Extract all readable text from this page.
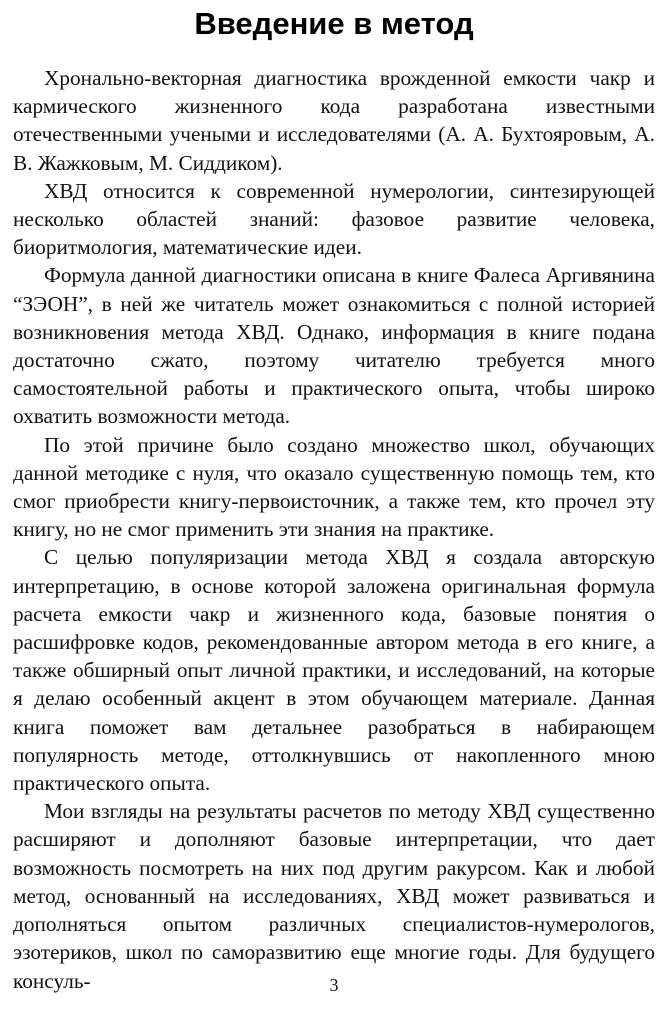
Введение в метод

Хронально-векторная диагностика врожденной емкости чакр и кармического жизненного кода разработана известными отечественными учеными и исследователями (А. А. Бухтояровым, А. В. Жажковым, М. Сиддиком).

ХВД относится к современной нумерологии, синтезирующей несколько областей знаний: фазовое развитие человека, биоритмология, математические идеи.

Формула данной диагностики описана в книге Фалеса Аргивянина “ЗЭОН”, в ней же читатель может ознакомиться с полной историей возникновения метода ХВД. Однако, информация в книге подана достаточно сжато, поэтому читателю требуется много самостоятельной работы и практического опыта, чтобы широко охватить возможности метода.

По этой причине было создано множество школ, обучающих данной методике с нуля, что оказало существенную помощь тем, кто смог приобрести книгу-первоисточник, а также тем, кто прочел эту книгу, но не смог применить эти знания на практике.

С целью популяризации метода ХВД я создала авторскую интерпретацию, в основе которой заложена оригинальная формула расчета емкости чакр и жизненного кода, базовые понятия о расшифровке кодов, рекомендованные автором метода в его книге, а также обширный опыт личной практики, и исследований, на которые я делаю особенный акцент в этом обучающем материале. Данная книга поможет вам детальнее разобраться в набирающем популярность методе, оттолкнувшись от накопленного мною практического опыта.

Мои взгляды на результаты расчетов по методу ХВД существенно расширяют и дополняют базовые интерпретации, что дает возможность посмотреть на них под другим ракурсом. Как и любой метод, основанный на исследованиях, ХВД может развиваться и дополняться опытом различных специалистов-нумерологов, эзотериков, школ по саморазвитию еще многие годы. Для будущего консуль-	3
